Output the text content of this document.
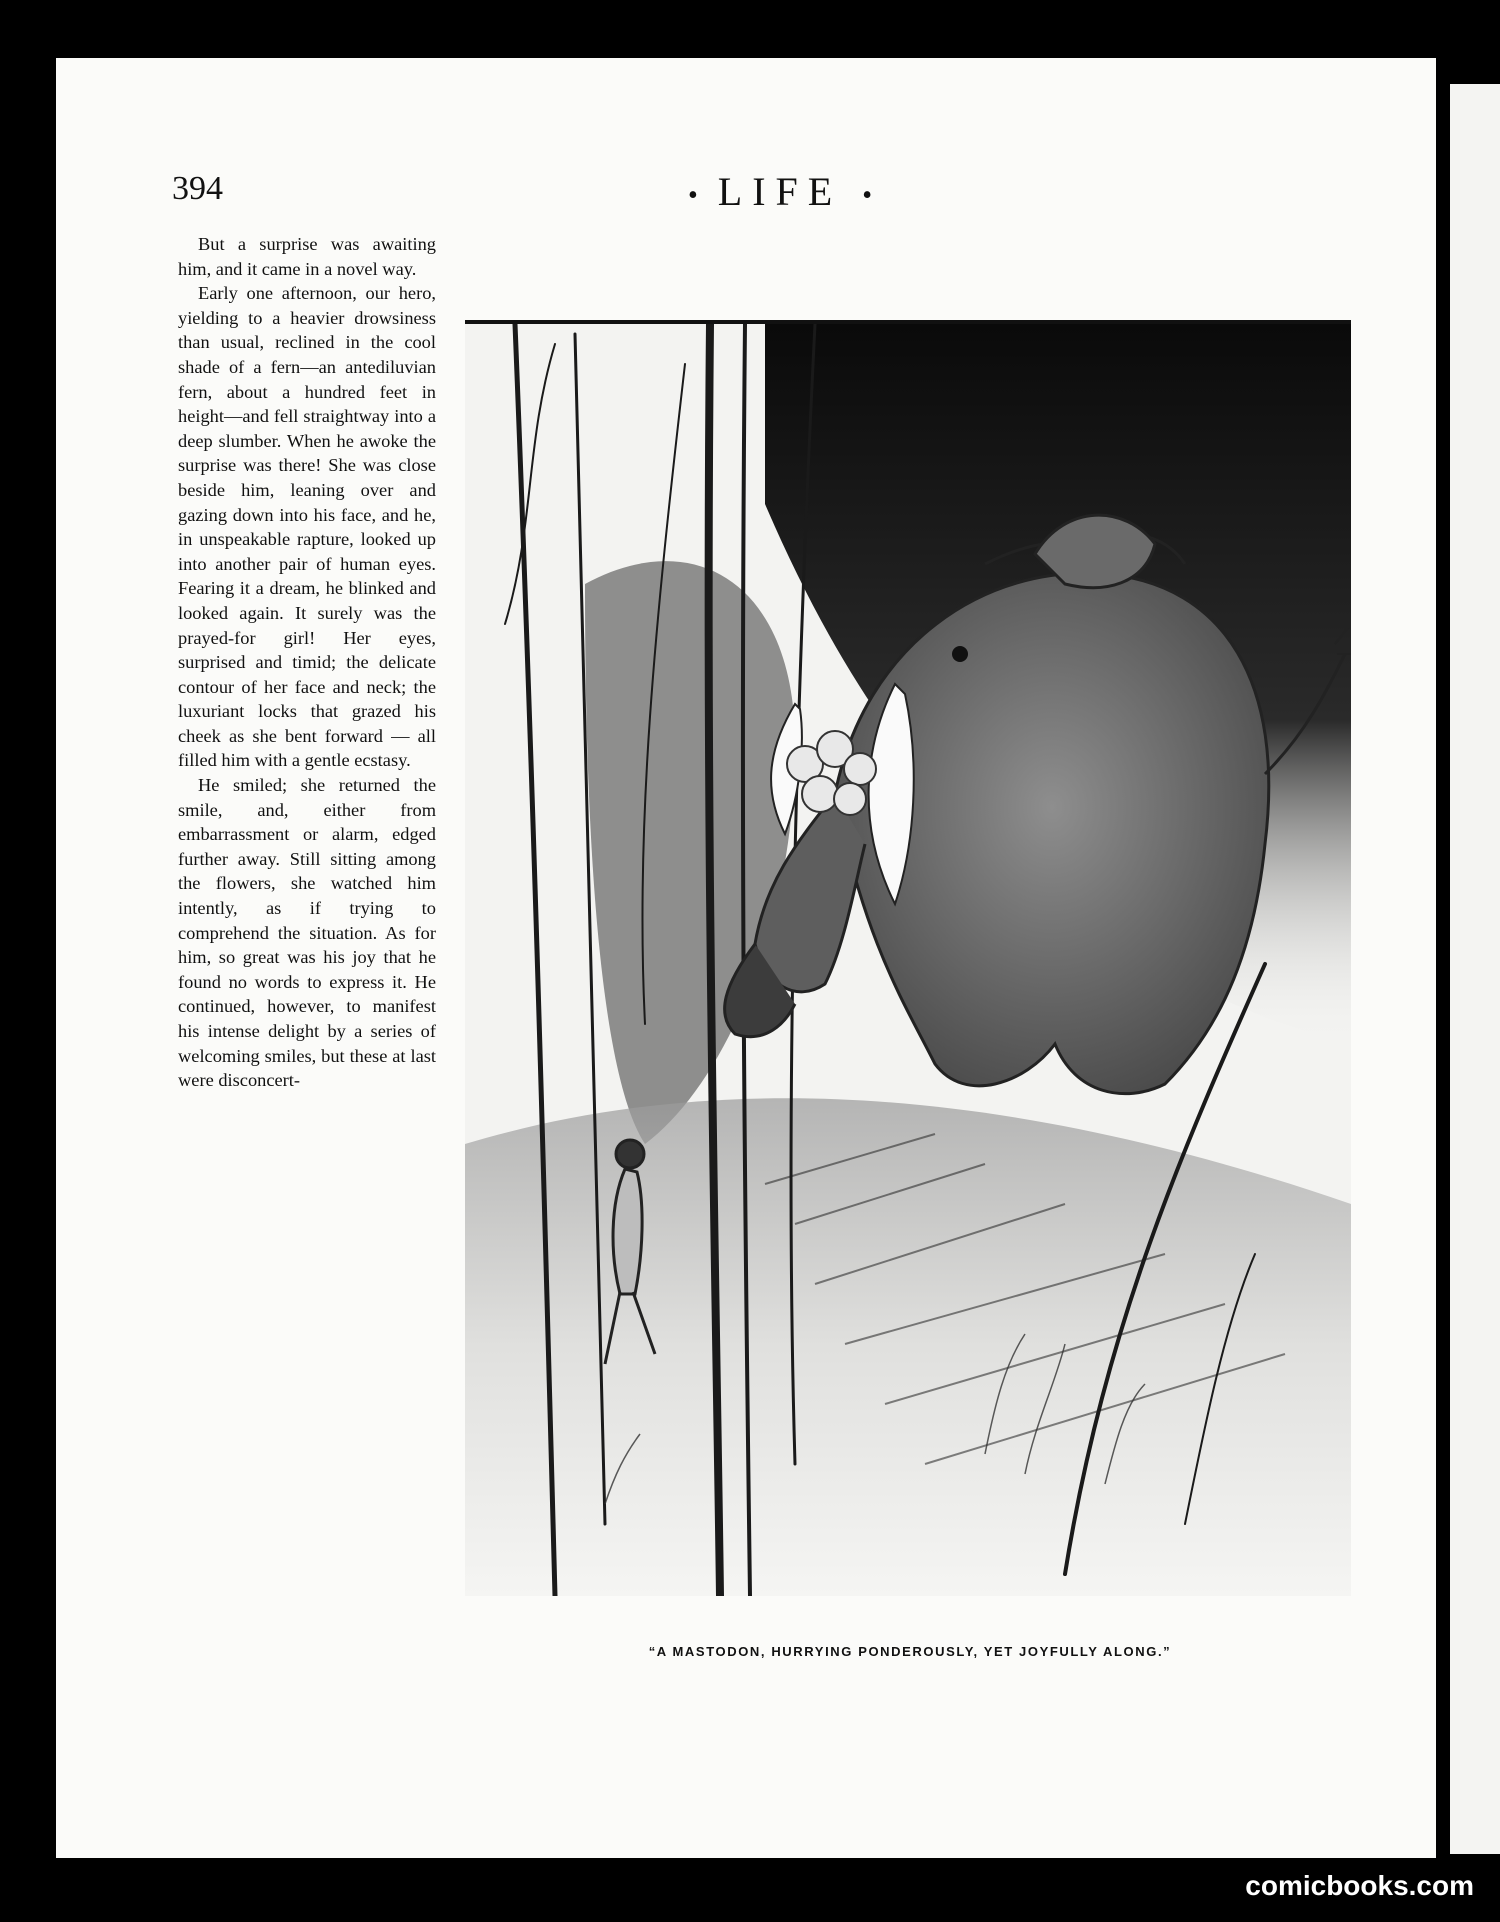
394	• LIFE •

But a surprise was awaiting him, and it came in a novel way.

Early one afternoon, our hero, yielding to a heavier drowsiness than usual, reclined in the cool shade of a fern—an antediluvian fern, about a hundred feet in height—and fell straightway into a deep slumber. When he awoke the surprise was there! She was close beside him, leaning over and gazing down into his face, and he, in unspeakable rapture, looked up into another pair of human eyes. Fearing it a dream, he blinked and looked again. It surely was the prayed-for girl! Her eyes, surprised and timid; the delicate contour of her face and neck; the luxuriant locks that grazed his cheek as she bent forward — all filled him with a gentle ecstasy.

He smiled; she returned the smile, and, either from embarrassment or alarm, edged further away. Still sitting among the flowers, she watched him intently, as if trying to comprehend the situation. As for him, so great was his joy that he found no words to express it. He continued, however, to manifest his intense delight by a series of welcoming smiles, but these at last were disconcert-

“A MASTODON, HURRYING PONDEROUSLY, YET JOYFULLY ALONG.”
comicbooks.com
